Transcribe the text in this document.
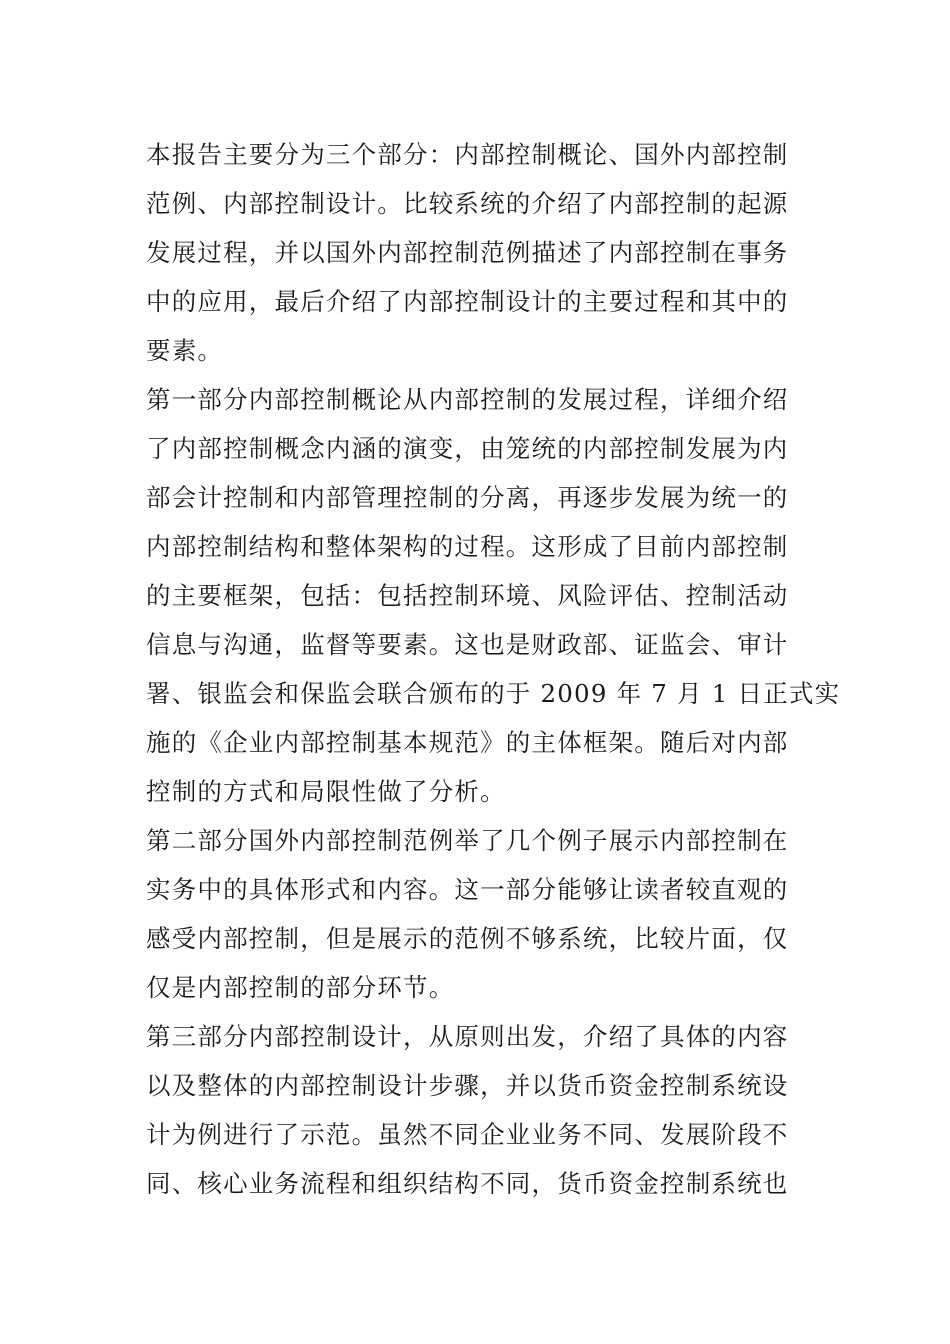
本报告主要分为三个部分：内部控制概论、国外内部控制
范例、内部控制设计。比较系统的介绍了内部控制的起源
发展过程，并以国外内部控制范例描述了内部控制在事务
中的应用，最后介绍了内部控制设计的主要过程和其中的
要素。
第一部分内部控制概论从内部控制的发展过程，详细介绍
了内部控制概念内涵的演变，由笼统的内部控制发展为内
部会计控制和内部管理控制的分离，再逐步发展为统一的
内部控制结构和整体架构的过程。这形成了目前内部控制
的主要框架，包括：包括控制环境、风险评估、控制活动
信息与沟通，监督等要素。这也是财政部、证监会、审计
署、银监会和保监会联合颁布的于 2009 年 7 月 1 日正式实
施的《企业内部控制基本规范》的主体框架。随后对内部
控制的方式和局限性做了分析。
第二部分国外内部控制范例举了几个例子展示内部控制在
实务中的具体形式和内容。这一部分能够让读者较直观的
感受内部控制，但是展示的范例不够系统，比较片面，仅
仅是内部控制的部分环节。
第三部分内部控制设计，从原则出发，介绍了具体的内容
以及整体的内部控制设计步骤，并以货币资金控制系统设
计为例进行了示范。虽然不同企业业务不同、发展阶段不
同、核心业务流程和组织结构不同，货币资金控制系统也
